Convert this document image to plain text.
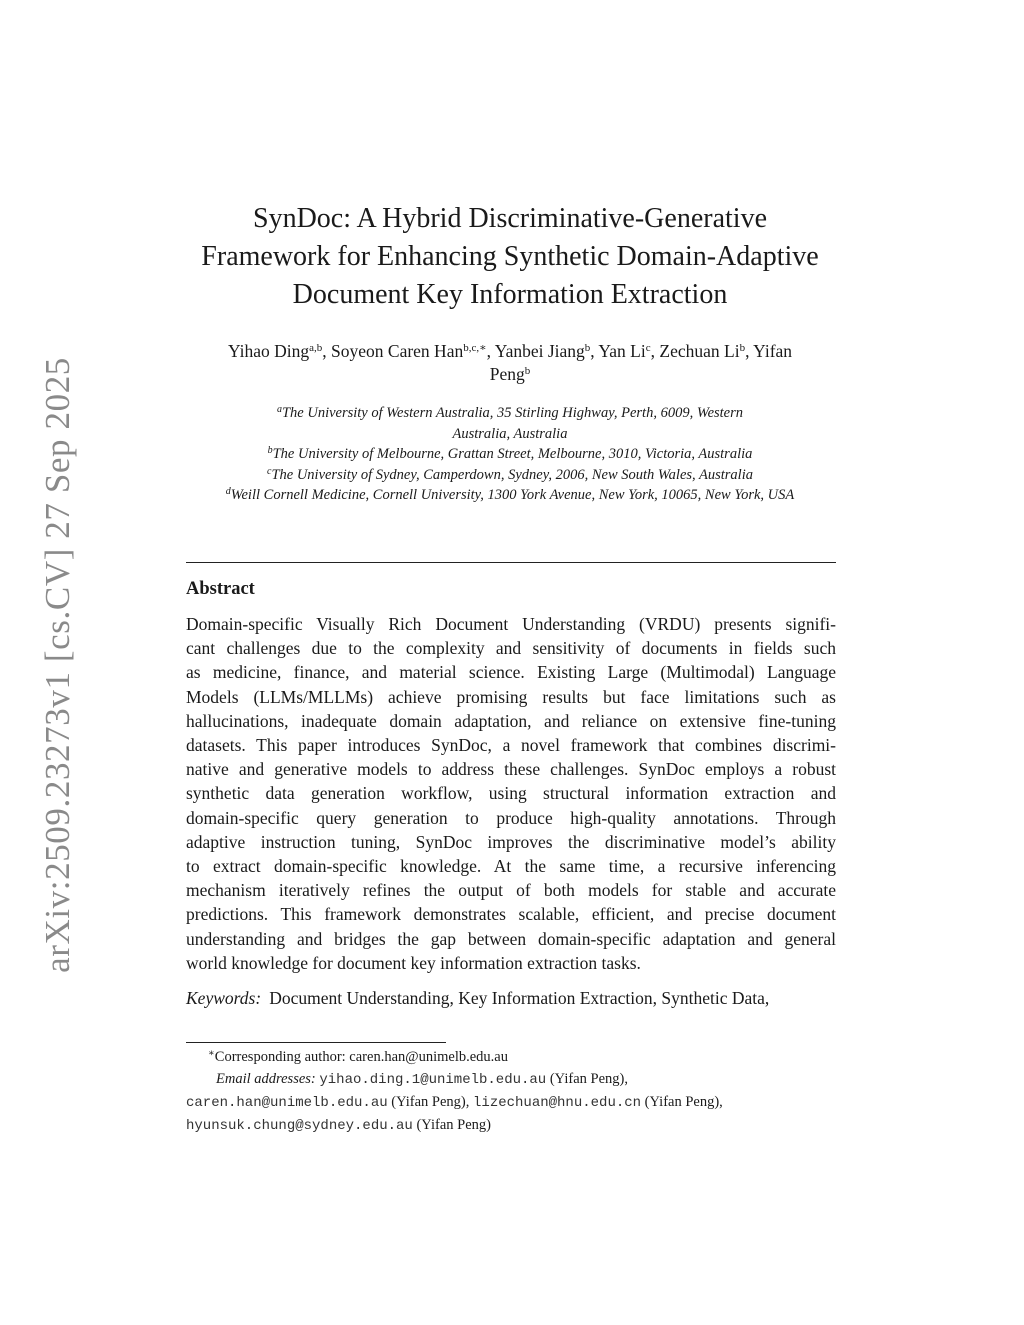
arXiv:2509.23273v1 [cs.CV] 27 Sep 2025
SynDoc: A Hybrid Discriminative-Generative
Framework for Enhancing Synthetic Domain-Adaptive
Document Key Information Extraction
Yihao Ding$^{a,b}$, Soyeon Caren Han$^{b,c,∗}$, Yanbei Jiang$^b$, Yan Li$^c$, Zechuan Li$^b$, Yifan
Peng$^b$
$^a$The University of Western Australia, 35 Stirling Highway, Perth, 6009, Western
Australia, Australia
$^b$The University of Melbourne, Grattan Street, Melbourne, 3010, Victoria, Australia
$^c$The University of Sydney, Camperdown, Sydney, 2006, New South Wales, Australia
$^d$Weill Cornell Medicine, Cornell University, 1300 York Avenue, New York, 10065, New York, USA
Abstract
Domain-specific Visually Rich Document Understanding (VRDU) presents signifi-
cant challenges due to the complexity and sensitivity of documents in fields such
as medicine, finance, and material science. Existing Large (Multimodal) Language
Models (LLMs/MLLMs) achieve promising results but face limitations such as
hallucinations, inadequate domain adaptation, and reliance on extensive fine-tuning
datasets. This paper introduces SynDoc, a novel framework that combines discrimi-
native and generative models to address these challenges. SynDoc employs a robust
synthetic data generation workflow, using structural information extraction and
domain-specific query generation to produce high-quality annotations. Through
adaptive instruction tuning, SynDoc improves the discriminative model’s ability
to extract domain-specific knowledge. At the same time, a recursive inferencing
mechanism iteratively refines the output of both models for stable and accurate
predictions. This framework demonstrates scalable, efficient, and precise document
understanding and bridges the gap between domain-specific adaptation and general
world knowledge for document key information extraction tasks.
Keywords: Document Understanding, Key Information Extraction, Synthetic Data,
∗Corresponding author: caren.han@unimelb.edu.au
Email addresses: yihao.ding.1@unimelb.edu.au (Yifan Peng),
caren.han@unimelb.edu.au (Yifan Peng), lizechuan@hnu.edu.cn (Yifan Peng),
hyunsuk.chung@sydney.edu.au (Yifan Peng)
